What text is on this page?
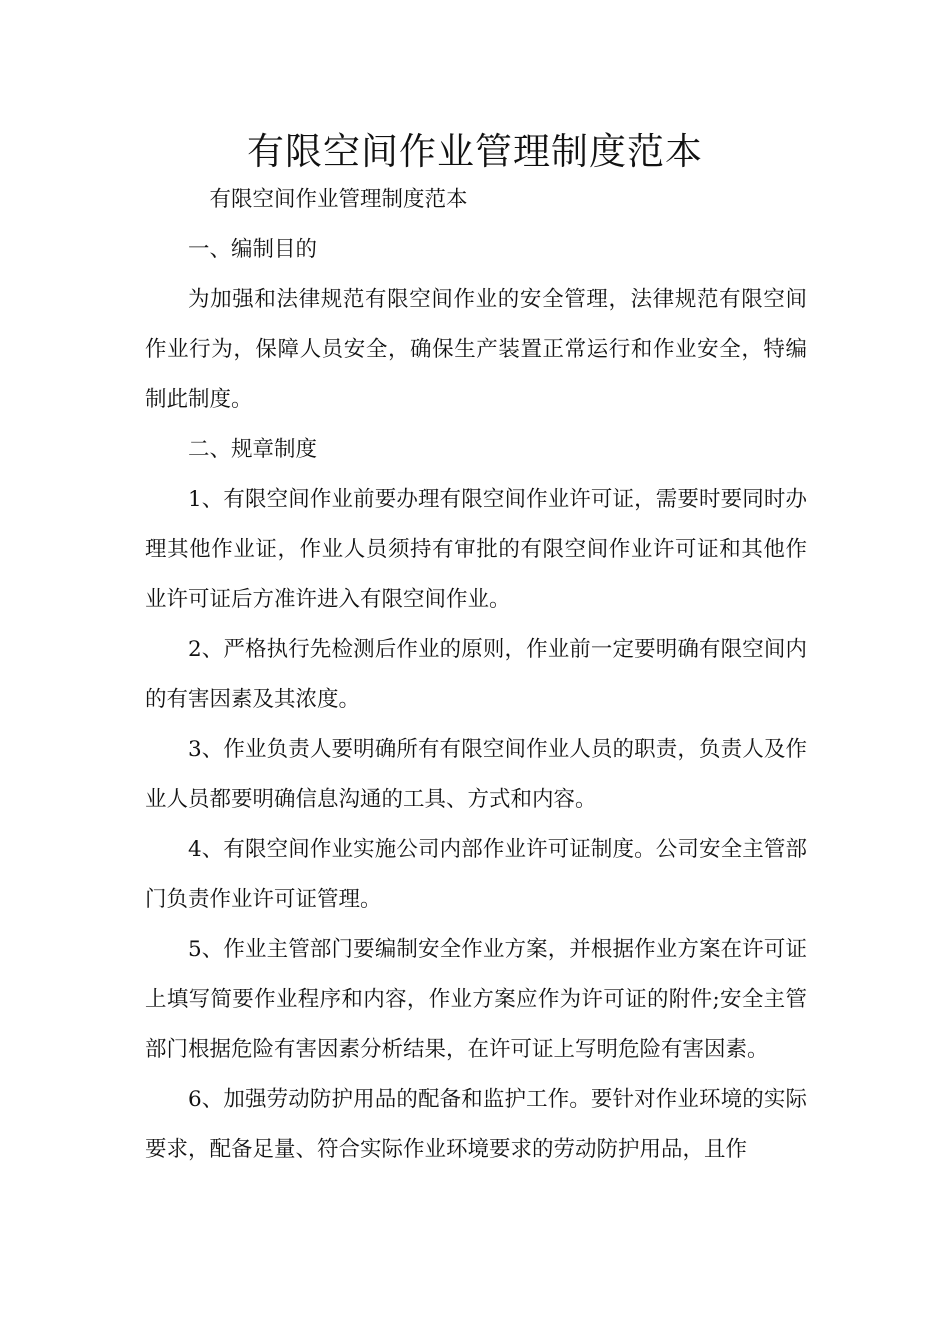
有限空间作业管理制度范本

有限空间作业管理制度范本

一、编制目的

为加强和法律规范有限空间作业的安全管理，法律规范有限空间作业行为，保障人员安全，确保生产装置正常运行和作业安全，特编制此制度。

二、规章制度

1、有限空间作业前要办理有限空间作业许可证，需要时要同时办理其他作业证，作业人员须持有审批的有限空间作业许可证和其他作业许可证后方准许进入有限空间作业。

2、严格执行先检测后作业的原则，作业前一定要明确有限空间内的有害因素及其浓度。

3、作业负责人要明确所有有限空间作业人员的职责，负责人及作业人员都要明确信息沟通的工具、方式和内容。

4、有限空间作业实施公司内部作业许可证制度。公司安全主管部门负责作业许可证管理。

5、作业主管部门要编制安全作业方案，并根据作业方案在许可证上填写简要作业程序和内容，作业方案应作为许可证的附件;安全主管部门根据危险有害因素分析结果，在许可证上写明危险有害因素。

6、加强劳动防护用品的配备和监护工作。要针对作业环境的实际要求，配备足量、符合实际作业环境要求的劳动防护用品，且作
